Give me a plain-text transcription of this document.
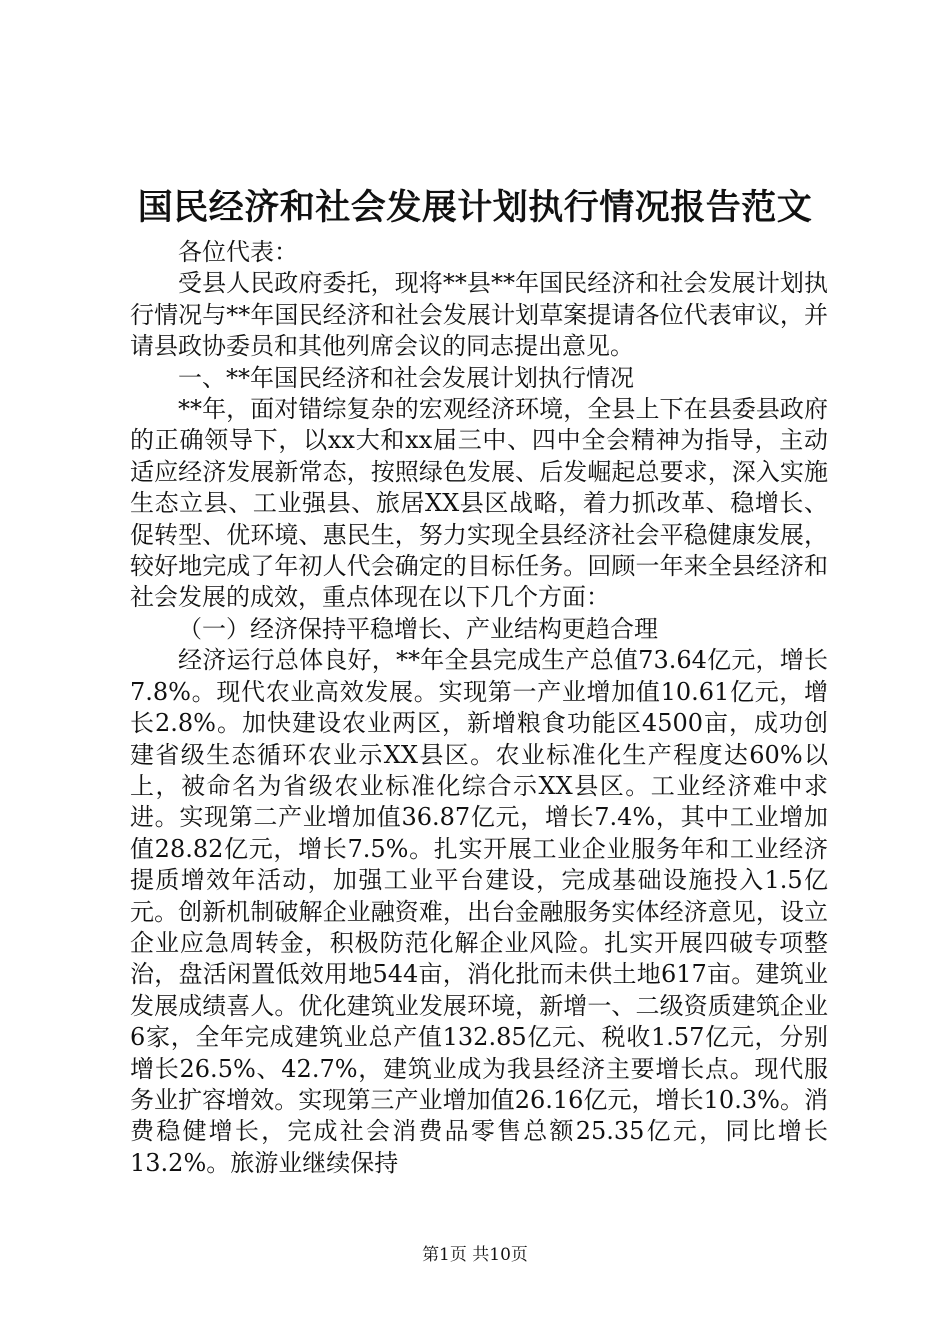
国民经济和社会发展计划执行情况报告范文

各位代表：

受县人民政府委托，现将**县**年国民经济和社会发展计划执行情况与**年国民经济和社会发展计划草案提请各位代表审议，并请县政协委员和其他列席会议的同志提出意见。

一、**年国民经济和社会发展计划执行情况

**年，面对错综复杂的宏观经济环境，全县上下在县委县政府的正确领导下，以xx大和xx届三中、四中全会精神为指导，主动适应经济发展新常态，按照绿色发展、后发崛起总要求，深入实施生态立县、工业强县、旅居XX县区战略，着力抓改革、稳增长、促转型、优环境、惠民生，努力实现全县经济社会平稳健康发展，较好地完成了年初人代会确定的目标任务。回顾一年来全县经济和社会发展的成效，重点体现在以下几个方面：

（一）经济保持平稳增长、产业结构更趋合理

经济运行总体良好，**年全县完成生产总值73.64亿元，增长7.8%。现代农业高效发展。实现第一产业增加值10.61亿元，增长2.8%。加快建设农业两区，新增粮食功能区4500亩，成功创建省级生态循环农业示XX县区。农业标准化生产程度达60%以上，被命名为省级农业标准化综合示XX县区。工业经济难中求进。实现第二产业增加值36.87亿元，增长7.4%，其中工业增加值28.82亿元，增长7.5%。扎实开展工业企业服务年和工业经济提质增效年活动，加强工业平台建设，完成基础设施投入1.5亿元。创新机制破解企业融资难，出台金融服务实体经济意见，设立企业应急周转金，积极防范化解企业风险。扎实开展四破专项整治，盘活闲置低效用地544亩，消化批而未供土地617亩。建筑业发展成绩喜人。优化建筑业发展环境，新增一、二级资质建筑企业6家，全年完成建筑业总产值132.85亿元、税收1.57亿元，分别增长26.5%、42.7%，建筑业成为我县经济主要增长点。现代服务业扩容增效。实现第三产业增加值26.16亿元，增长10.3%。消费稳健增长，完成社会消费品零售总额25.35亿元，同比增长13.2%。旅游业继续保持

第1页 共10页
